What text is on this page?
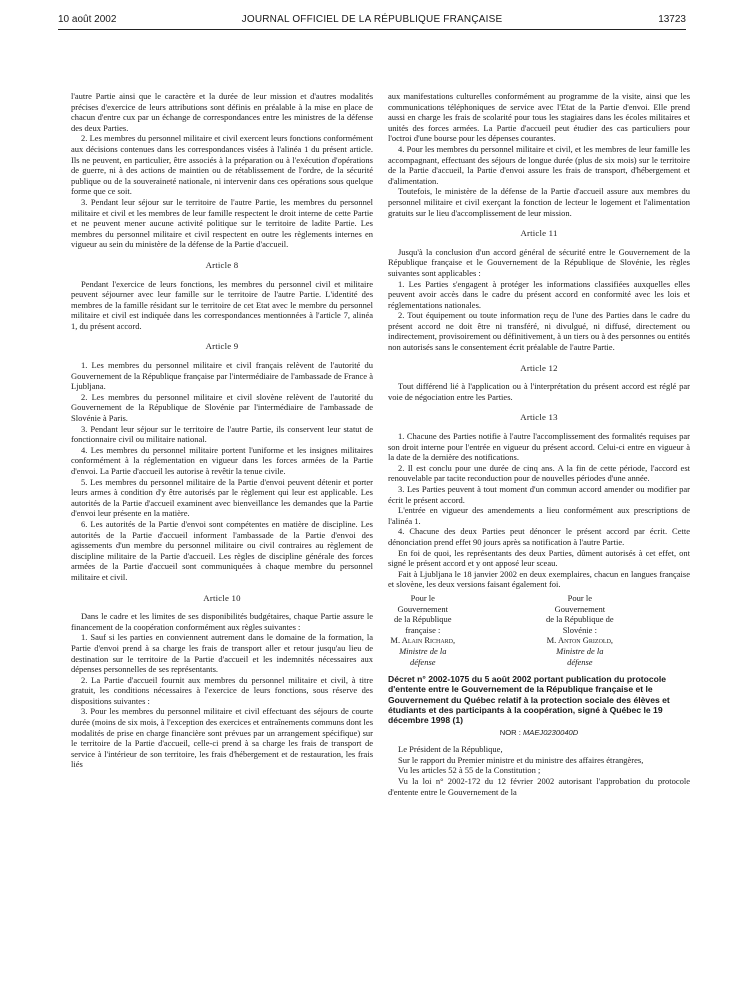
JOURNAL OFFICIEL DE LA RÉPUBLIQUE FRANÇAISE
10 août 2002	13723

l'autre Partie ainsi que le caractère et la durée de leur mission et d'autres modalités précises d'exercice de leurs attributions sont définis en préalable à la mise en place de chacun d'entre cux par un échange de correspondances entre les ministres de la défense des deux Parties.

2. Les membres du personnel militaire et civil exercent leurs fonctions conformément aux décisions contenues dans les correspondances visées à l'alinéa 1 du présent article. Ils ne peuvent, en particulier, être associés à la préparation ou à l'exécution d'opérations de guerre, ni à des actions de maintien ou de rétablissement de l'ordre, de la sécurité publique ou de la souveraineté nationale, ni intervenir dans ces opérations sous quelque forme que ce soit.

3. Pendant leur séjour sur le territoire de l'autre Partie, les membres du personnel militaire et civil et les membres de leur famille respectent le droit interne de cette Partie et ne peuvent mener aucune activité politique sur le territoire de ladite Partie. Les membres du personnel militaire et civil respectent en outre les règlements internes en vigueur au sein du ministère de la défense de la Partie d'accueil.

Article 8

Pendant l'exercice de leurs fonctions, les membres du personnel civil et militaire peuvent séjourner avec leur famille sur le territoire de l'autre Partie. L'identité des membres de la famille résidant sur le territoire de cet Etat avec le membre du personnel militaire et civil est indiquée dans les correspondances mentionnées à l'article 7, alinéa 1, du présent accord.

Article 9

1. Les membres du personnel militaire et civil français relèvent de l'autorité du Gouvernement de la République française par l'intermédiaire de l'ambassade de France à Ljubljana.

2. Les membres du personnel militaire et civil slovène relèvent de l'autorité du Gouvernement de la République de Slovénie par l'intermédiaire de l'ambassade de Slovénie à Paris.

3. Pendant leur séjour sur le territoire de l'autre Partie, ils conservent leur statut de fonctionnaire civil ou militaire national.

4. Les membres du personnel militaire portent l'uniforme et les insignes militaires conformément à la réglementation en vigueur dans les forces armées de la Partie d'envoi. La Partie d'accueil les autorise à revêtir la tenue civile.

5. Les membres du personnel militaire de la Partie d'envoi peuvent détenir et porter leurs armes à condition d'y être autorisés par le règlement qui leur est applicable. Les autorités de la Partie d'accueil examinent avec bienveillance les demandes que la Partie d'envoi leur présente en la matière.

6. Les autorités de la Partie d'envoi sont compétentes en matière de discipline. Les autorités de la Partie d'accueil informent l'ambassade de la Partie d'envoi des agissements d'un membre du personnel militaire ou civil contraires au règlement de discipline militaire de la Partie d'accueil. Les règles de discipline générale des forces armées de la Partie d'accueil sont communiquées à chaque membre du personnel militaire et civil.

Article 10

Dans le cadre et les limites de ses disponibilités budgétaires, chaque Partie assure le financement de la coopération conformément aux règles suivantes :

1. Sauf si les parties en conviennent autrement dans le domaine de la formation, la Partie d'envoi prend à sa charge les frais de transport aller et retour jusqu'au lieu de destination sur le territoire de la Partie d'accueil et les indemnités nécessaires aux dépenses personnelles de ses représentants.

2. La Partie d'accueil fournit aux membres du personnel militaire et civil, à titre gratuit, les conditions nécessaires à l'exercice de leurs fonctions, sous réserve des dispositions suivantes :

3. Pour les membres du personnel militaire et civil effectuant des séjours de courte durée (moins de six mois, à l'exception des exercices et entraînements communs dont les modalités de prise en charge financière sont prévues par un arrangement spécifique) sur le territoire de la Partie d'accueil, celle-ci prend à sa charge les frais de transport de service à l'intérieur de son territoire, les frais d'hébergement et de restauration, les frais liés

aux manifestations culturelles conformément au programme de la visite, ainsi que les communications téléphoniques de service avec l'Etat de la Partie d'envoi. Elle prend aussi en charge les frais de scolarité pour tous les stagiaires dans les écoles militaires et unités des forces armées. La Partie d'accueil peut étudier des cas particuliers pour l'octroi d'une bourse pour les dépenses courantes.

4. Pour les membres du personnel militaire et civil, et les membres de leur famille les accompagnant, effectuant des séjours de longue durée (plus de six mois) sur le territoire de la Partie d'accueil, la Partie d'envoi assure les frais de transport, d'hébergement et d'alimentation.

Toutefois, le ministère de la défense de la Partie d'accueil assure aux membres du personnel militaire et civil exerçant la fonction de lecteur le logement et l'alimentation gratuits sur le lieu d'accomplissement de leur mission.

Article 11

Jusqu'à la conclusion d'un accord général de sécurité entre le Gouvernement de la République française et le Gouvernement de la République de Slovénie, les règles suivantes sont applicables :

1. Les Parties s'engagent à protéger les informations classifiées auxquelles elles peuvent avoir accès dans le cadre du présent accord en conformité avec les lois et réglementations nationales.

2. Tout équipement ou toute information reçu de l'une des Parties dans le cadre du présent accord ne doit être ni transféré, ni divulgué, ni diffusé, directement ou indirectement, provisoirement ou définitivement, à un tiers ou à des personnes ou entités non autorisés sans le consentement écrit préalable de l'autre Partie.

Article 12

Tout différend lié à l'application ou à l'interprétation du présent accord est réglé par voie de négociation entre les Parties.

Article 13

1. Chacune des Parties notifie à l'autre l'accomplissement des formalités requises par son droit interne pour l'entrée en vigueur du présent accord. Celui-ci entre en vigueur à la date de la dernière des notifications.

2. Il est conclu pour une durée de cinq ans. A la fin de cette période, l'accord est renouvelable par tacite reconduction pour de nouvelles périodes d'une année.

3. Les Parties peuvent à tout moment d'un commun accord amender ou modifier par écrit le présent accord.

L'entrée en vigueur des amendements a lieu conformément aux prescriptions de l'alinéa 1.

4. Chacune des deux Parties peut dénoncer le présent accord par écrit. Cette dénonciation prend effet 90 jours après sa notification à l'autre Partie.

En foi de quoi, les représentants des deux Parties, dûment autorisés à cet effet, ont signé le présent accord et y ont apposé leur sceau.

Fait à Ljubljana le 18 janvier 2002 en deux exemplaires, chacun en langues française et slovène, les deux versions faisant également foi.

Pour le Gouvernement
de la République française :
M. Alain Richard,
Ministre de la défense
Pour le Gouvernement
de la République de Slovénie :
M. Anton Grizold,
Ministre de la défense
Décret n° 2002-1075 du 5 août 2002 portant publication du protocole d'entente entre le Gouvernement de la République française et le Gouvernement du Québec relatif à la protection sociale des élèves et étudiants et des participants à la coopération, signé à Québec le 19 décembre 1998 (1)
NOR : MAEJ0230040D

Le Président de la République,

Sur le rapport du Premier ministre et du ministre des affaires étrangères,

Vu les articles 52 à 55 de la Constitution ;

Vu la loi n° 2002-172 du 12 février 2002 autorisant l'approbation du protocole d'entente entre le Gouvernement de la
